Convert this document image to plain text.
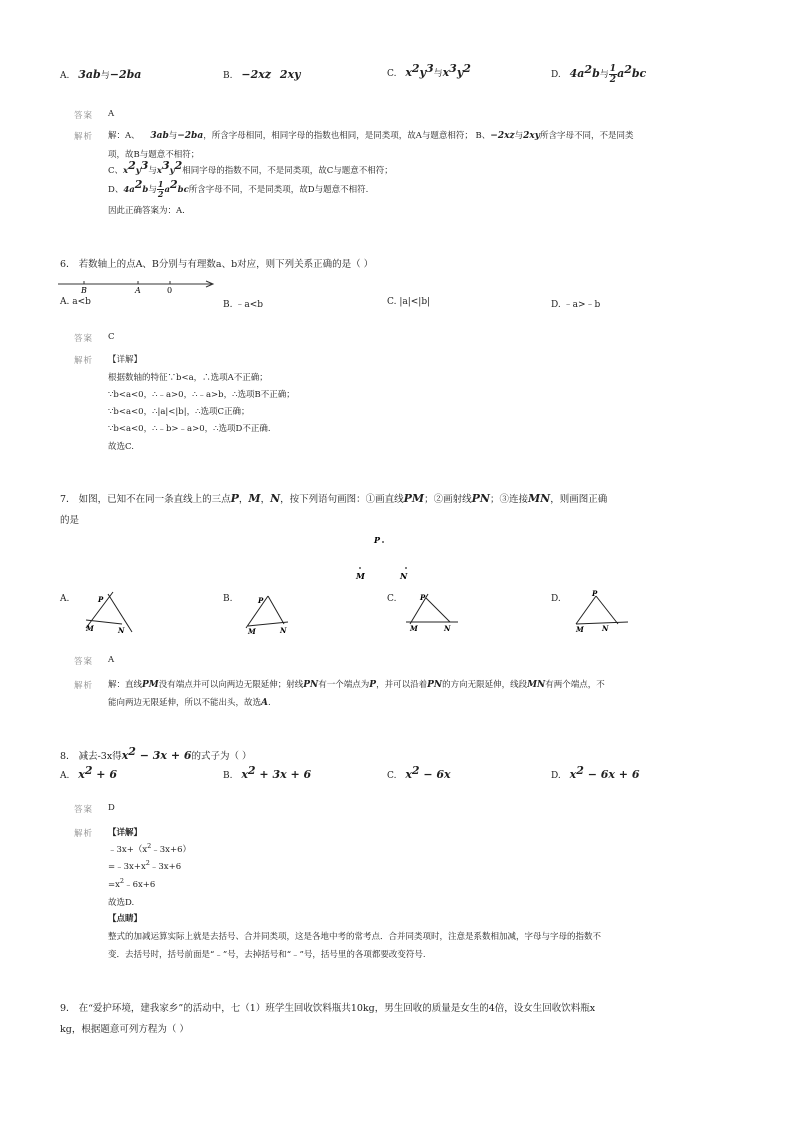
A. 3ab与−2ba	B. −2xz 2xy	C. $x^2y^3$与$x^3y^2$	D. $4a^2b$与 $\frac{1}{2} a^2bc$
答案 A
解析 解：A、 3ab与−2ba，所含字母相同，相同字母的指数也相同，是同类项，故A与题意相符； B、−2xz与2xy所含字母不同，不是同类
项，故B与题意不相符；
C、$x^2y^3$与$x^3y^2$相同字母的指数不同，不是同类项，故C与题意不相符；
D、$4a^2b$与 $\frac{1}{2} a^2bc$所含字母不同，不是同类项，故D与题意不相符.
因此正确答案为：A.
6． 若数轴上的点A、B分别与有理数a、b对应，则下列关系正确的是（ ）
B	A	0
A. a<b	B. ﹣a<b	C. |a|<|b|	D. ﹣a>﹣b
答案 C
解析 【详解】
根据数轴的特征∵b<a，∴选项A不正确；
∵b<a<0，∴﹣a>0，∴﹣a>b，∴选项B不正确；
∵b<a<0，∴|a|<|b|，∴选项C正确；
∵b<a<0，∴﹣b>﹣a>0，∴选项D不正确.
故选C.
7． 如图，已知不在同一条直线上的三点P，M，N，按下列语句画图：①画直线PM；②画射线PN；③连接MN，则画图正确
的是
P
M	N
A.	P
M	N
B.	P
M	N
C.	P
M	N
D.
P
M	N
答案 A
解析 解：直线PM没有端点并可以向两边无限延伸；射线PN有一个端点为P，并可以沿着PN的方向无限延伸，线段MN有两个端点，不
能向两边无限延伸，所以不能出头，故选A.
8． 减去-3x得$x^2 - 3x + 6$的式子为（ ）
A. $x^2 + 6$	B. $x^2 + 3x + 6$	C. $x^2 - 6x$	D. $x^2 - 6x + 6$
答案 D
解析 【详解】
$﹣3x+(x^2﹣3x+6)$
$=﹣3x+x^2﹣3x+6$
$=x^2﹣6x+6$
故选D.
【点睛】
整式的加减运算实际上就是去括号、合并同类项，这是各地中考的常考点．合并同类项时，注意是系数相加减，字母与字母的指数不
变．去括号时，括号前面是“﹣”号，去掉括号和“﹣”号，括号里的各项都要改变符号.
9． 在“爱护环境，建我家乡”的活动中，七（1）班学生回收饮料瓶共10kg，男生回收的质量是女生的4倍，设女生回收饮料瓶x
kg，根据题意可列方程为（ ）
